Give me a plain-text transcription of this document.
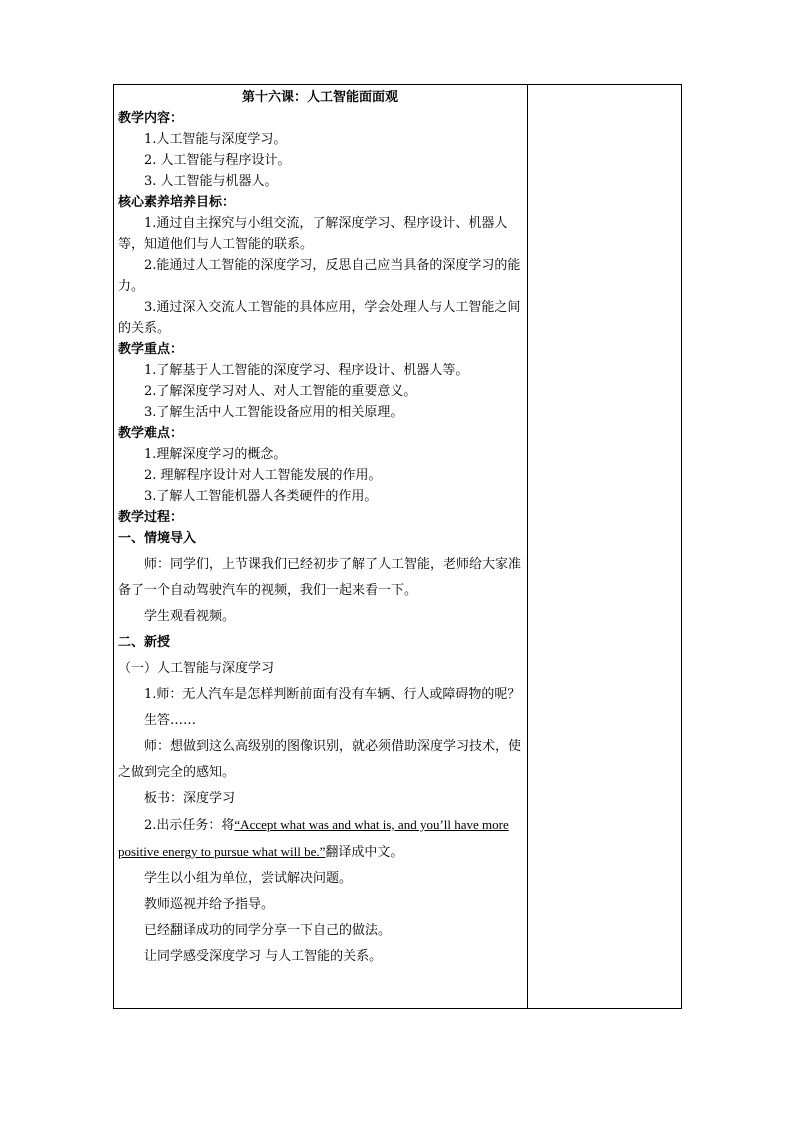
第十六课：人工智能面面观
教学内容：
1.人工智能与深度学习。
2. 人工智能与程序设计。
3. 人工智能与机器人。
核心素养培养目标：
1.通过自主探究与小组交流，了解深度学习、程序设计、机器人等，知道他们与人工智能的联系。
2.能通过人工智能的深度学习，反思自己应当具备的深度学习的能力。
3.通过深入交流人工智能的具体应用，学会处理人与人工智能之间的关系。
教学重点：
1.了解基于人工智能的深度学习、程序设计、机器人等。
2.了解深度学习对人、对人工智能的重要意义。
3.了解生活中人工智能设备应用的相关原理。
教学难点：
1.理解深度学习的概念。
2. 理解程序设计对人工智能发展的作用。
3.了解人工智能机器人各类硬件的作用。
教学过程：
一、情境导入
师：同学们，上节课我们已经初步了解了人工智能，老师给大家准备了一个自动驾驶汽车的视频，我们一起来看一下。
学生观看视频。
二、新授
（一）人工智能与深度学习
1.师：无人汽车是怎样判断前面有没有车辆、行人或障碍物的呢？
生答……
师：想做到这么高级别的图像识别，就必须借助深度学习技术，使之做到完全的感知。
板书：深度学习
2.出示任务：将“Accept what was and what is, and you’ll have more positive energy to pursue what will be.”翻译成中文。
学生以小组为单位，尝试解决问题。
教师巡视并给予指导。
已经翻译成功的同学分享一下自己的做法。
让同学感受深度学习 与人工智能的关系。
